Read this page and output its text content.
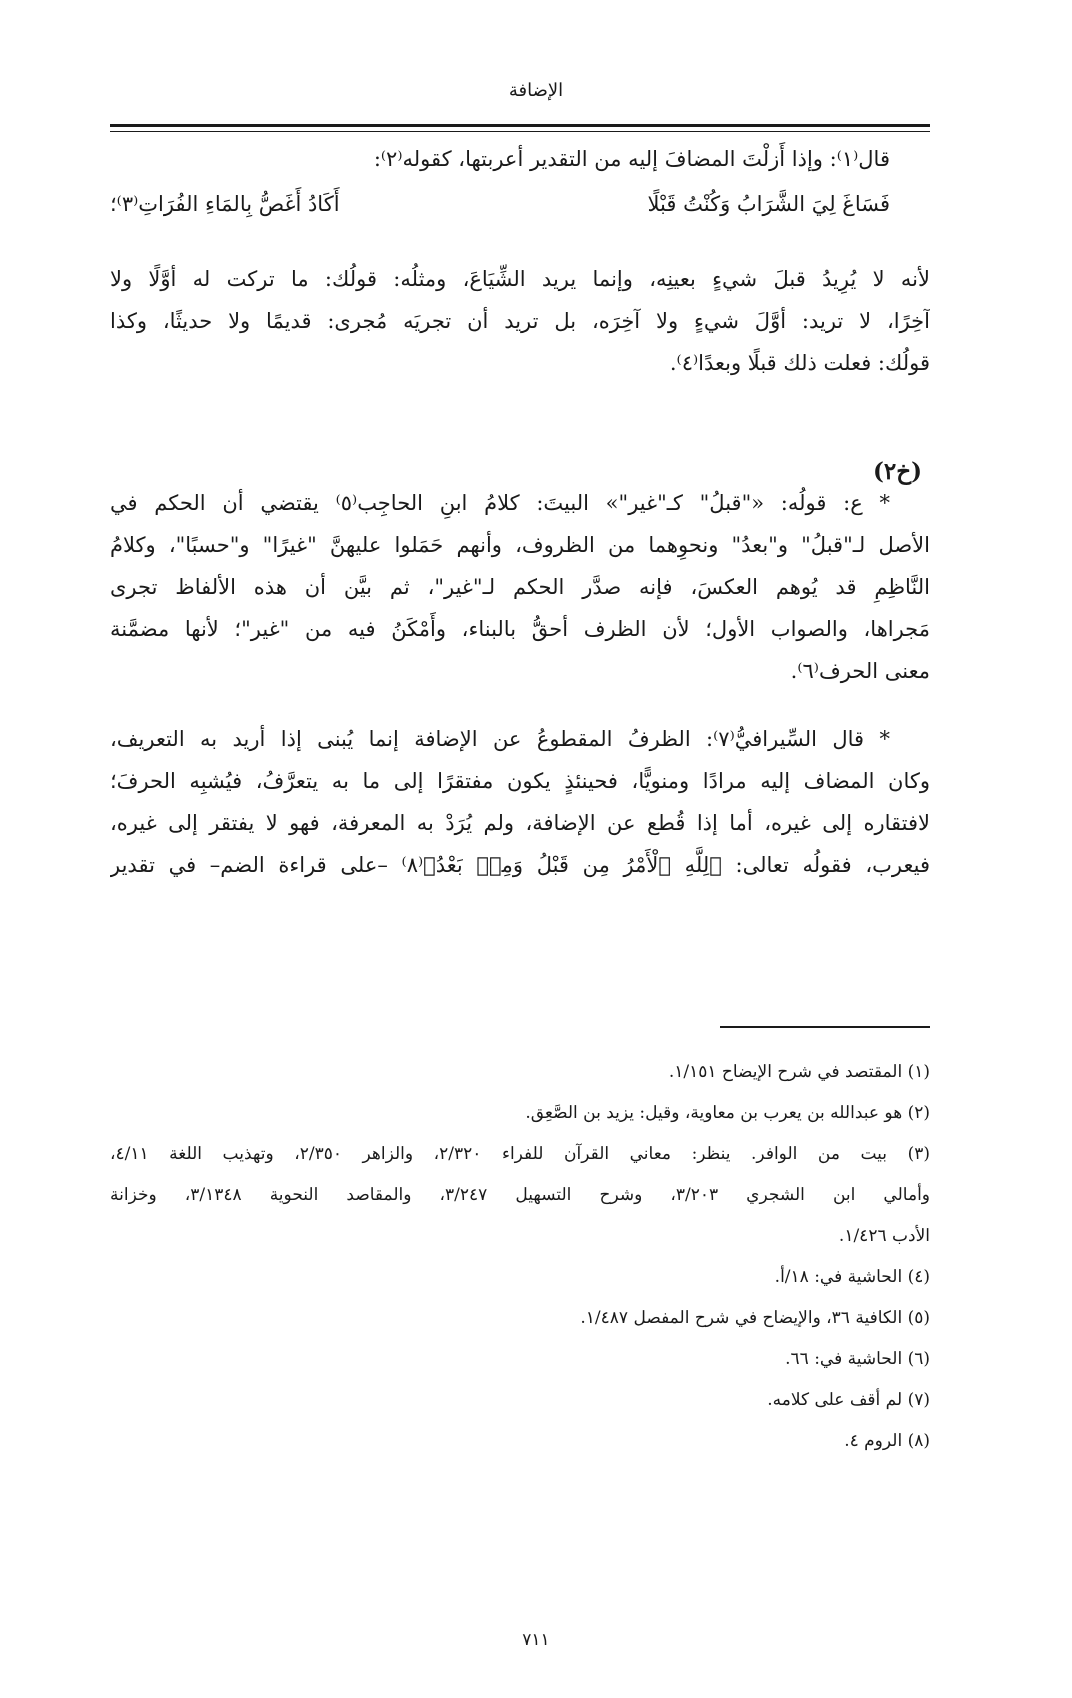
الإضافة
قال⁽١⁾: وإذا أَزلْتَ المضافَ إليه من التقدير أعربتها، كقوله⁽٢⁾:
فَسَاغَ لِيَ الشَّرَابُ وَكُنْتُ قَبْلًا
أَكَادُ أَغَصُّ بِالمَاءِ الفُرَاتِ⁽٣⁾؛
لأنه لا يُرِيدُ قبلَ شيءٍ بعينِه، وإنما يريد الشِّيَاعَ، ومثلُه: قولُك: ما تركت له أوَّلًا ولا
آخِرًا، لا تريد: أوَّلَ شيءٍ ولا آخِرَه، بل تريد أن تجريَه مُجرى: قديمًا ولا حديثًا، وكذا
قولُك: فعلت ذلك قبلًا وبعدًا⁽٤⁾.
(خ٢)
* ع: قولُه: «"قبلُ" كـ"غير"» البيتَ: كلامُ ابنِ الحاجِب⁽٥⁾ يقتضي أن الحكم في
الأصل لـ"قبلُ" و"بعدُ" ونحوِهما من الظروف، وأنهم حَمَلوا عليهنَّ "غيرًا" و"حسبًا"، وكلامُ
النَّاظِمِ قد يُوهم العكسَ، فإنه صدَّر الحكم لـ"غير"، ثم بيَّن أن هذه الألفاظ تجرى
مَجراها، والصواب الأول؛ لأن الظرف أحقُّ بالبناء، وأَمْكَنُ فيه من "غير"؛ لأنها مضمَّنة
معنى الحرف⁽٦⁾.
* قال السِّيرافيُّ⁽٧⁾: الظرفُ المقطوعُ عن الإضافة إنما يُبنى إذا أريد به التعريف،
وكان المضاف إليه مرادًا ومنويًّا، فحينئذٍ يكون مفتقرًا إلى ما به يتعرَّفُ، فيُشبِه الحرفَ؛
لافتقاره إلى غيره، أما إذا قُطع عن الإضافة، ولم يُرَدْ به المعرفة، فهو لا يفتقر إلى غيره،
فيعرب، فقولُه تعالى: ﴿لِلَّهِ ٱلْأَمْرُ مِن قَبْلُ وَمِنۢ بَعْدُ﴾⁽٨⁾ –على قراءة الضم– في تقدير
(١) المقتصد في شرح الإيضاح ١/١٥١.
(٢) هو عبدالله بن يعرب بن معاوية، وقيل: يزيد بن الصَّعِق.
(٣) بيت من الوافر. ينظر: معاني القرآن للفراء ٢/٣٢٠، والزاهر ٢/٣٥٠، وتهذيب اللغة ٤/١١،
وأمالي ابن الشجري ٣/٢٠٣، وشرح التسهيل ٣/٢٤٧، والمقاصد النحوية ٣/١٣٤٨، وخزانة
الأدب ١/٤٢٦.
(٤) الحاشية في: ١٨/أ.
(٥) الكافية ٣٦، والإيضاح في شرح المفصل ١/٤٨٧.
(٦) الحاشية في: ٦٦.
(٧) لم أقف على كلامه.
(٨) الروم ٤.
٧١١
